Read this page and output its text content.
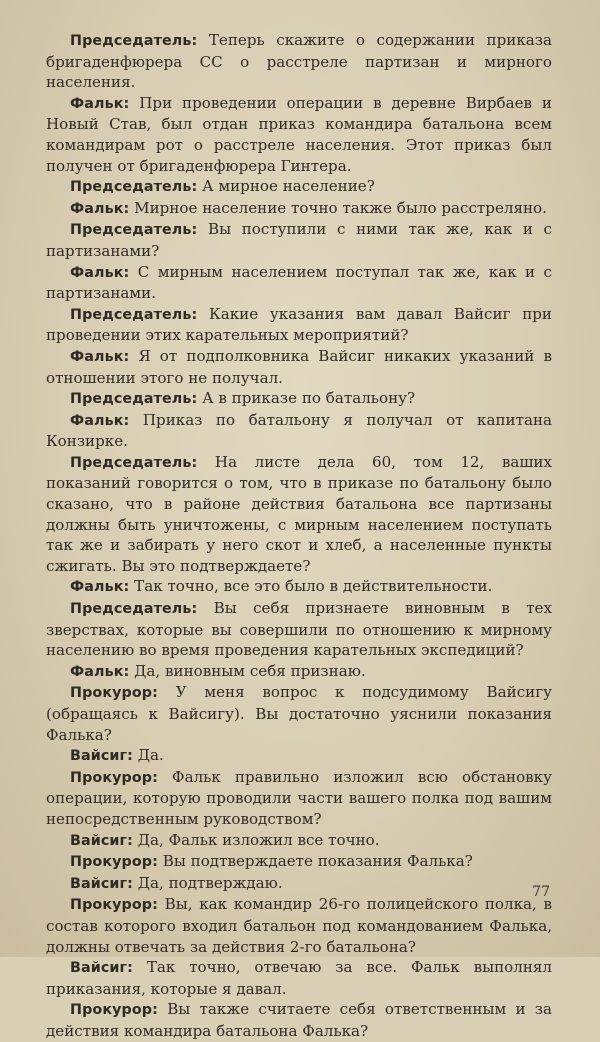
Председатель: Теперь скажите о содержании приказа бригаденфюрера СС о расстреле партизан и мирного населения.

Фальк: При проведении операции в деревне Вирбаев и Новый Став, был отдан приказ командира батальона всем командирам рот о расстреле населения. Этот приказ был получен от бригаденфюрера Гинтера.

Председатель: А мирное население?

Фальк: Мирное население точно также было расстреляно.

Председатель: Вы поступили с ними так же, как и с партизанами?

Фальк: С мирным населением поступал так же, как и с партизанами.

Председатель: Какие указания вам давал Вайсиг при проведении этих карательных мероприятий?

Фальк: Я от подполковника Вайсиг никаких указаний в отношении этого не получал.

Председатель: А в приказе по батальону?

Фальк: Приказ по батальону я получал от капитана Конзирке.

Председатель: На листе дела 60, том 12, ваших показаний говорится о том, что в приказе по батальону было сказано, что в районе действия батальона все партизаны должны быть уничтожены, с мирным населением поступать так же и забирать у него скот и хлеб, а населенные пункты сжигать. Вы это подтверждаете?

Фальк: Так точно, все это было в действительности.

Председатель: Вы себя признаете виновным в тех зверствах, которые вы совершили по отношению к мирному населению во время проведения карательных экспедиций?

Фальк: Да, виновным себя признаю.

Прокурор: У меня вопрос к подсудимому Вайсигу (обращаясь к Вайсигу). Вы достаточно уяснили показания Фалька?

Вайсиг: Да.

Прокурор: Фальк правильно изложил всю обстановку операции, которую проводили части вашего полка под вашим непосредственным руководством?

Вайсиг: Да, Фальк изложил все точно.

Прокурор: Вы подтверждаете показания Фалька?

Вайсиг: Да, подтверждаю.

Прокурор: Вы, как командир 26-го полицейского полка, в состав которого входил батальон под командованием Фалька, должны отвечать за действия 2-го батальона?

Вайсиг: Так точно, отвечаю за все. Фальк выполнял приказания, которые я давал.

Прокурор: Вы также считаете себя ответственным и за действия командира батальона Фалька?

77
